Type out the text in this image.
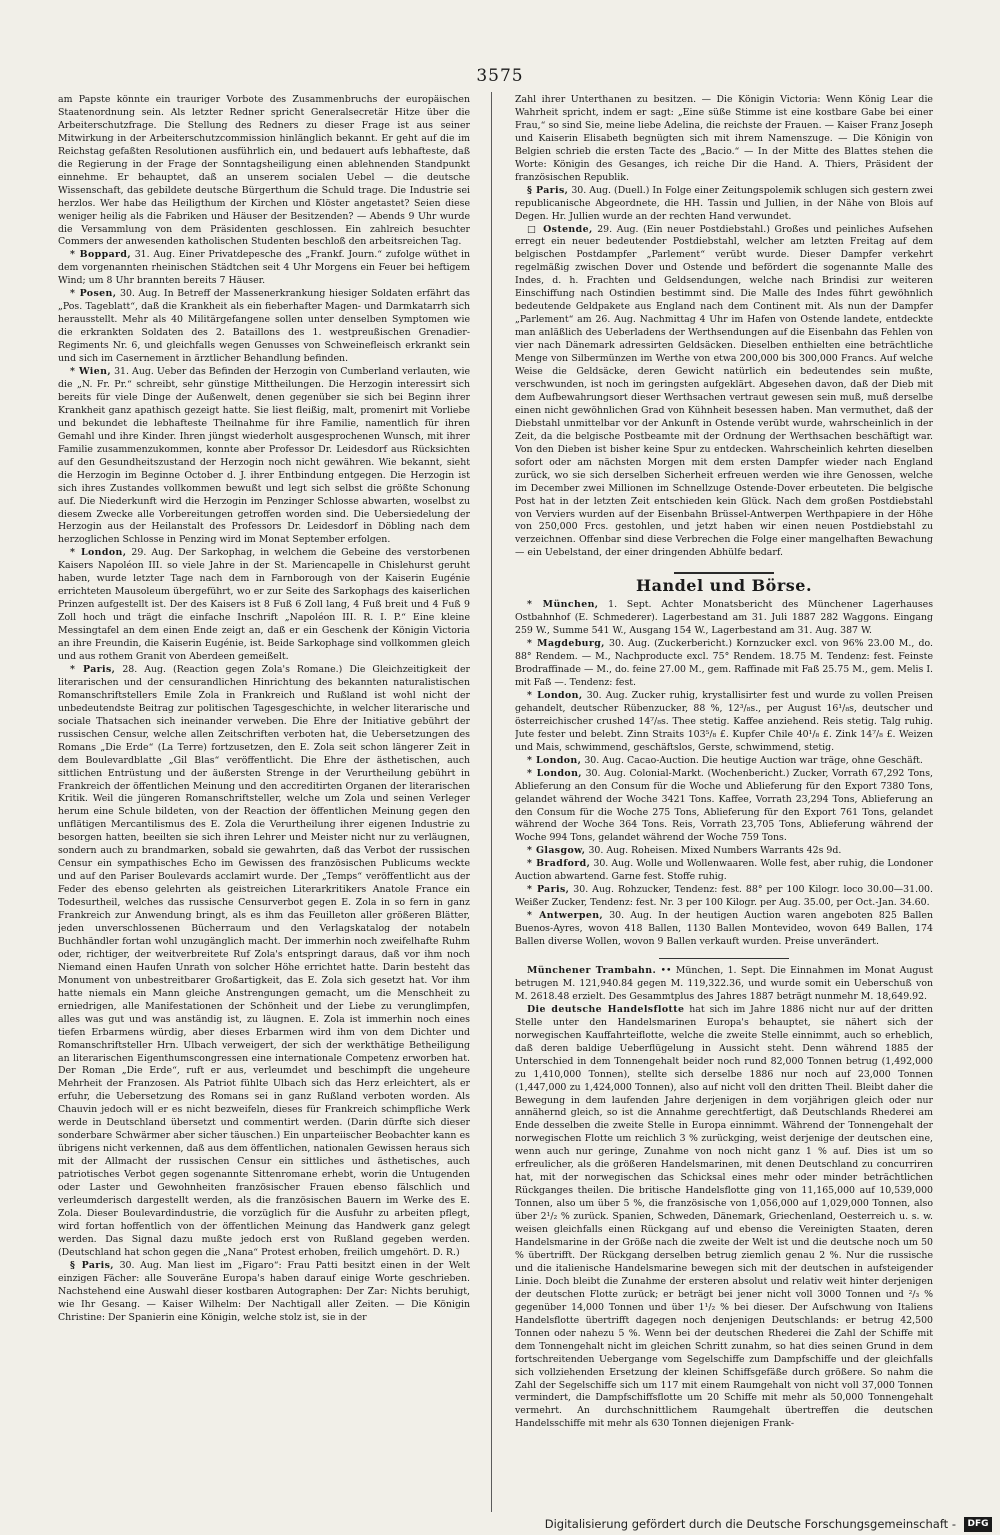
3575

am Papste könnte ein trauriger Vorbote des Zusammenbruchs der europäischen Staatenordnung sein. Als letzter Redner spricht Generalsecretär Hitze über die Arbeiterschutzfrage. Die Stellung des Redners zu dieser Frage ist aus seiner Mitwirkung in der Arbeiterschutzcommission hinlänglich bekannt. Er geht auf die im Reichstag gefaßten Resolutionen ausführlich ein, und bedauert aufs lebhafteste, daß die Regierung in der Frage der Sonntagsheiligung einen ablehnenden Standpunkt einnehme. Er behauptet, daß an unserem socialen Uebel — die deutsche Wissenschaft, das gebildete deutsche Bürgerthum die Schuld trage. Die Industrie sei herzlos. Wer habe das Heiligthum der Kirchen und Klöster angetastet? Seien diese weniger heilig als die Fabriken und Häuser der Besitzenden? — Abends 9 Uhr wurde die Versammlung von dem Präsidenten geschlossen. Ein zahlreich besuchter Commers der anwesenden katholischen Studenten beschloß den arbeitsreichen Tag.

* Boppard, 31. Aug. Einer Privatdepesche des „Frankf. Journ.“ zufolge wüthet in dem vorgenannten rheinischen Städtchen seit 4 Uhr Morgens ein Feuer bei heftigem Wind; um 8 Uhr brannten bereits 7 Häuser.

* Posen, 30. Aug. In Betreff der Massenerkrankung hiesiger Soldaten erfährt das „Pos. Tageblatt“, daß die Krankheit als ein fieberhafter Magen- und Darmkatarrh sich herausstellt. Mehr als 40 Militärgefangene sollen unter denselben Symptomen wie die erkrankten Soldaten des 2. Bataillons des 1. westpreußischen Grenadier-Regiments Nr. 6, und gleichfalls wegen Genusses von Schweinefleisch erkrankt sein und sich im Casernement in ärztlicher Behandlung befinden.

* Wien, 31. Aug. Ueber das Befinden der Herzogin von Cumberland verlauten, wie die „N. Fr. Pr.“ schreibt, sehr günstige Mittheilungen. Die Herzogin interessirt sich bereits für viele Dinge der Außenwelt, denen gegenüber sie sich bei Beginn ihrer Krankheit ganz apathisch gezeigt hatte. Sie liest fleißig, malt, promenirt mit Vorliebe und bekundet die lebhafteste Theilnahme für ihre Familie, namentlich für ihren Gemahl und ihre Kinder. Ihren jüngst wiederholt ausgesprochenen Wunsch, mit ihrer Familie zusammenzukommen, konnte aber Professor Dr. Leidesdorf aus Rücksichten auf den Gesundheitszustand der Herzogin noch nicht gewähren. Wie bekannt, sieht die Herzogin im Beginne October d. J. ihrer Entbindung entgegen. Die Herzogin ist sich ihres Zustandes vollkommen bewußt und legt sich selbst die größte Schonung auf. Die Niederkunft wird die Herzogin im Penzinger Schlosse abwarten, woselbst zu diesem Zwecke alle Vorbereitungen getroffen worden sind. Die Uebersiedelung der Herzogin aus der Heilanstalt des Professors Dr. Leidesdorf in Döbling nach dem herzoglichen Schlosse in Penzing wird im Monat September erfolgen.

* London, 29. Aug. Der Sarkophag, in welchem die Gebeine des verstorbenen Kaisers Napoléon III. so viele Jahre in der St. Mariencapelle in Chislehurst geruht haben, wurde letzter Tage nach dem in Farnborough von der Kaiserin Eugénie errichteten Mausoleum übergeführt, wo er zur Seite des Sarkophags des kaiserlichen Prinzen aufgestellt ist. Der des Kaisers ist 8 Fuß 6 Zoll lang, 4 Fuß breit und 4 Fuß 9 Zoll hoch und trägt die einfache Inschrift „Napoléon III. R. I. P.“ Eine kleine Messingtafel an dem einen Ende zeigt an, daß er ein Geschenk der Königin Victoria an ihre Freundin, die Kaiserin Eugénie, ist. Beide Sarkophage sind vollkommen gleich und aus rothem Granit von Aberdeen gemeißelt.

* Paris, 28. Aug. (Reaction gegen Zola's Romane.) Die Gleichzeitigkeit der literarischen und der censurandlichen Hinrichtung des bekannten naturalistischen Romanschriftstellers Emile Zola in Frankreich und Rußland ist wohl nicht der unbedeutendste Beitrag zur politischen Tagesgeschichte, in welcher literarische und sociale Thatsachen sich ineinander verweben. Die Ehre der Initiative gebührt der russischen Censur, welche allen Zeitschriften verboten hat, die Uebersetzungen des Romans „Die Erde“ (La Terre) fortzusetzen, den E. Zola seit schon längerer Zeit in dem Boulevardblatte „Gil Blas“ veröffentlicht. Die Ehre der ästhetischen, auch sittlichen Entrüstung und der äußersten Strenge in der Verurtheilung gebührt in Frankreich der öffentlichen Meinung und den accreditirten Organen der literarischen Kritik. Weil die jüngeren Romanschriftsteller, welche um Zola und seinen Verleger herum eine Schule bildeten, von der Reaction der öffentlichen Meinung gegen den unflätigen Mercantilismus des E. Zola die Verurtheilung ihrer eigenen Industrie zu besorgen hatten, beeilten sie sich ihren Lehrer und Meister nicht nur zu verläugnen, sondern auch zu brandmarken, sobald sie gewahrten, daß das Verbot der russischen Censur ein sympathisches Echo im Gewissen des französischen Publicums weckte und auf den Pariser Boulevards acclamirt wurde. Der „Temps“ veröffentlicht aus der Feder des ebenso gelehrten als geistreichen Literarkritikers Anatole France ein Todesurtheil, welches das russische Censurverbot gegen E. Zola in so fern in ganz Frankreich zur Anwendung bringt, als es ihm das Feuilleton aller größeren Blätter, jeden unverschlossenen Bücherraum und den Verlagskatalog der notabeln Buchhändler fortan wohl unzugänglich macht. Der immerhin noch zweifelhafte Ruhm oder, richtiger, der weitverbreitete Ruf Zola's entspringt daraus, daß vor ihm noch Niemand einen Haufen Unrath von solcher Höhe errichtet hatte. Darin besteht das Monument von unbestreitbarer Großartigkeit, das E. Zola sich gesetzt hat. Vor ihm hatte niemals ein Mann gleiche Anstrengungen gemacht, um die Menschheit zu erniedrigen, alle Manifestationen der Schönheit und der Liebe zu verunglimpfen, alles was gut und was anständig ist, zu läugnen. E. Zola ist immerhin noch eines tiefen Erbarmens würdig, aber dieses Erbarmen wird ihm von dem Dichter und Romanschriftsteller Hrn. Ulbach verweigert, der sich der werkthätige Betheiligung an literarischen Eigenthumscongressen eine internationale Competenz erworben hat. Der Roman „Die Erde“, ruft er aus, verleumdet und beschimpft die ungeheure Mehrheit der Franzosen. Als Patriot fühlte Ulbach sich das Herz erleichtert, als er erfuhr, die Uebersetzung des Romans sei in ganz Rußland verboten worden. Als Chauvin jedoch will er es nicht bezweifeln, dieses für Frankreich schimpfliche Werk werde in Deutschland übersetzt und commentirt werden. (Darin dürfte sich dieser sonderbare Schwärmer aber sicher täuschen.) Ein unparteiischer Beobachter kann es übrigens nicht verkennen, daß aus dem öffentlichen, nationalen Gewissen heraus sich mit der Allmacht der russischen Censur ein sittliches und ästhetisches, auch patriotisches Verbot gegen sogenannte Sittenromane erhebt, worin die Untugenden oder Laster und Gewohnheiten französischer Frauen ebenso fälschlich und verleumderisch dargestellt werden, als die französischen Bauern im Werke des E. Zola. Dieser Boulevardindustrie, die vorzüglich für die Ausfuhr zu arbeiten pflegt, wird fortan hoffentlich von der öffentlichen Meinung das Handwerk ganz gelegt werden. Das Signal dazu mußte jedoch erst von Rußland gegeben werden. (Deutschland hat schon gegen die „Nana“ Protest erhoben, freilich umgehört. D. R.)

§ Paris, 30. Aug. Man liest im „Figaro“: Frau Patti besitzt einen in der Welt einzigen Fächer: alle Souveräne Europa's haben darauf einige Worte geschrieben. Nachstehend eine Auswahl dieser kostbaren Autographen: Der Zar: Nichts beruhigt, wie Ihr Gesang. — Kaiser Wilhelm: Der Nachtigall aller Zeiten. — Die Königin Christine: Der Spanierin eine Königin, welche stolz ist, sie in der

Zahl ihrer Unterthanen zu besitzen. — Die Königin Victoria: Wenn König Lear die Wahrheit spricht, indem er sagt: „Eine süße Stimme ist eine kostbare Gabe bei einer Frau,“ so sind Sie, meine liebe Adelina, die reichste der Frauen. — Kaiser Franz Joseph und Kaiserin Elisabeth begnügten sich mit ihrem Namenszuge. — Die Königin von Belgien schrieb die ersten Tacte des „Bacio.“ — In der Mitte des Blattes stehen die Worte: Königin des Gesanges, ich reiche Dir die Hand. A. Thiers, Präsident der französischen Republik.

§ Paris, 30. Aug. (Duell.) In Folge einer Zeitungspolemik schlugen sich gestern zwei republicanische Abgeordnete, die HH. Tassin und Jullien, in der Nähe von Blois auf Degen. Hr. Jullien wurde an der rechten Hand verwundet.

□ Ostende, 29. Aug. (Ein neuer Postdiebstahl.) Großes und peinliches Aufsehen erregt ein neuer bedeutender Postdiebstahl, welcher am letzten Freitag auf dem belgischen Postdampfer „Parlement“ verübt wurde. Dieser Dampfer verkehrt regelmäßig zwischen Dover und Ostende und befördert die sogenannte Malle des Indes, d. h. Frachten und Geldsendungen, welche nach Brindisi zur weiteren Einschiffung nach Ostindien bestimmt sind. Die Malle des Indes führt gewöhnlich bedeutende Geldpakete aus England nach dem Continent mit. Als nun der Dampfer „Parlement“ am 26. Aug. Nachmittag 4 Uhr im Hafen von Ostende landete, entdeckte man anläßlich des Ueberladens der Werthsendungen auf die Eisenbahn das Fehlen von vier nach Dänemark adressirten Geldsäcken. Dieselben enthielten eine beträchtliche Menge von Silbermünzen im Werthe von etwa 200,000 bis 300,000 Francs. Auf welche Weise die Geldsäcke, deren Gewicht natürlich ein bedeutendes sein mußte, verschwunden, ist noch im geringsten aufgeklärt. Abgesehen davon, daß der Dieb mit dem Aufbewahrungsort dieser Werthsachen vertraut gewesen sein muß, muß derselbe einen nicht gewöhnlichen Grad von Kühnheit besessen haben. Man vermuthet, daß der Diebstahl unmittelbar vor der Ankunft in Ostende verübt wurde, wahrscheinlich in der Zeit, da die belgische Postbeamte mit der Ordnung der Werthsachen beschäftigt war. Von den Dieben ist bisher keine Spur zu entdecken. Wahrscheinlich kehrten dieselben sofort oder am nächsten Morgen mit dem ersten Dampfer wieder nach England zurück, wo sie sich derselben Sicherheit erfreuen werden wie ihre Genossen, welche im December zwei Millionen im Schnellzuge Ostende-Dover erbeuteten. Die belgische Post hat in der letzten Zeit entschieden kein Glück. Nach dem großen Postdiebstahl von Verviers wurden auf der Eisenbahn Brüssel-Antwerpen Werthpapiere in der Höhe von 250,000 Frcs. gestohlen, und jetzt haben wir einen neuen Postdiebstahl zu verzeichnen. Offenbar sind diese Verbrechen die Folge einer mangelhaften Bewachung — ein Uebelstand, der einer dringenden Abhülfe bedarf.

Handel und Börse.

* München, 1. Sept. Achter Monatsbericht des Münchener Lagerhauses Ostbahnhof (E. Schmederer). Lagerbestand am 31. Juli 1887 282 Waggons. Eingang 259 W., Summe 541 W., Ausgang 154 W., Lagerbestand am 31. Aug. 387 W.

* Magdeburg, 30. Aug. (Zuckerbericht.) Kornzucker excl. von 96% 23.00 M., do. 88° Rendem. — M., Nachproducte excl. 75° Rendem. 18.75 M. Tendenz: fest. Feinste Brodraffinade — M., do. feine 27.00 M., gem. Raffinade mit Faß 25.75 M., gem. Melis I. mit Faß —. Tendenz: fest.

* London, 30. Aug. Zucker ruhig, krystallisirter fest und wurde zu vollen Preisen gehandelt, deutscher Rübenzucker, 88 %, 12³/₈s., per August 16¹/₈s, deutscher und österreichischer crushed 14⁷/₈s. Thee stetig. Kaffee anziehend. Reis stetig. Talg ruhig. Jute fester und belebt. Zinn Straits 103⁵/₈ £. Kupfer Chile 40¹/₈ £. Zink 14⁷/₈ £. Weizen und Mais, schwimmend, geschäftslos, Gerste, schwimmend, stetig.

* London, 30. Aug. Cacao-Auction. Die heutige Auction war träge, ohne Geschäft.

* London, 30. Aug. Colonial-Markt. (Wochenbericht.) Zucker, Vorrath 67,292 Tons, Ablieferung an den Consum für die Woche und Ablieferung für den Export 7380 Tons, gelandet während der Woche 3421 Tons. Kaffee, Vorrath 23,294 Tons, Ablieferung an den Consum für die Woche 275 Tons, Ablieferung für den Export 761 Tons, gelandet während der Woche 364 Tons. Reis, Vorrath 23,705 Tons, Ablieferung während der Woche 994 Tons, gelandet während der Woche 759 Tons.

* Glasgow, 30. Aug. Roheisen. Mixed Numbers Warrants 42s 9d.

* Bradford, 30. Aug. Wolle und Wollenwaaren. Wolle fest, aber ruhig, die Londoner Auction abwartend. Garne fest. Stoffe ruhig.

* Paris, 30. Aug. Rohzucker, Tendenz: fest. 88° per 100 Kilogr. loco 30.00—31.00. Weißer Zucker, Tendenz: fest. Nr. 3 per 100 Kilogr. per Aug. 35.00, per Oct.-Jan. 34.60.

* Antwerpen, 30. Aug. In der heutigen Auction waren angeboten 825 Ballen Buenos-Ayres, wovon 418 Ballen, 1130 Ballen Montevideo, wovon 649 Ballen, 174 Ballen diverse Wollen, wovon 9 Ballen verkauft wurden. Preise unverändert.

Münchener Trambahn. •• München, 1. Sept. Die Einnahmen im Monat August betrugen M. 121,940.84 gegen M. 119,322.36, und wurde somit ein Ueberschuß von M. 2618.48 erzielt. Des Gesammtplus des Jahres 1887 beträgt nunmehr M. 18,649.92.

Die deutsche Handelsflotte hat sich im Jahre 1886 nicht nur auf der dritten Stelle unter den Handelsmarinen Europa's behauptet, sie nähert sich der norwegischen Kauffahrteiflotte, welche die zweite Stelle einnimmt, auch so erheblich, daß deren baldige Ueberflügelung in Aussicht steht. Denn während 1885 der Unterschied in dem Tonnengehalt beider noch rund 82,000 Tonnen betrug (1,492,000 zu 1,410,000 Tonnen), stellte sich derselbe 1886 nur noch auf 23,000 Tonnen (1,447,000 zu 1,424,000 Tonnen), also auf nicht voll den dritten Theil. Bleibt daher die Bewegung in dem laufenden Jahre derjenigen in dem vorjährigen gleich oder nur annähernd gleich, so ist die Annahme gerechtfertigt, daß Deutschlands Rhederei am Ende desselben die zweite Stelle in Europa einnimmt. Während der Tonnengehalt der norwegischen Flotte um reichlich 3 % zurückging, weist derjenige der deutschen eine, wenn auch nur geringe, Zunahme von noch nicht ganz 1 % auf. Dies ist um so erfreulicher, als die größeren Handelsmarinen, mit denen Deutschland zu concurriren hat, mit der norwegischen das Schicksal eines mehr oder minder beträchtlichen Rückganges theilen. Die britische Handelsflotte ging von 11,165,000 auf 10,539,000 Tonnen, also um über 5 %, die französische von 1,056,000 auf 1,029,000 Tonnen, also über 2¹/₂ % zurück. Spanien, Schweden, Dänemark, Griechenland, Oesterreich u. s. w. weisen gleichfalls einen Rückgang auf und ebenso die Vereinigten Staaten, deren Handelsmarine in der Größe nach die zweite der Welt ist und die deutsche noch um 50 % übertrifft. Der Rückgang derselben betrug ziemlich genau 2 %. Nur die russische und die italienische Handelsmarine bewegen sich mit der deutschen in aufsteigender Linie. Doch bleibt die Zunahme der ersteren absolut und relativ weit hinter derjenigen der deutschen Flotte zurück; er beträgt bei jener nicht voll 3000 Tonnen und ²/₃ % gegenüber 14,000 Tonnen und über 1¹/₂ % bei dieser. Der Aufschwung von Italiens Handelsflotte übertrifft dagegen noch denjenigen Deutschlands: er betrug 42,500 Tonnen oder nahezu 5 %. Wenn bei der deutschen Rhederei die Zahl der Schiffe mit dem Tonnengehalt nicht im gleichen Schritt zunahm, so hat dies seinen Grund in dem fortschreitenden Uebergange vom Segelschiffe zum Dampfschiffe und der gleichfalls sich vollziehenden Ersetzung der kleinen Schiffsgefäße durch größere. So nahm die Zahl der Segelschiffe sich um 117 mit einem Raumgehalt von nicht voll 37,000 Tonnen vermindert, die Dampfschiffsflotte um 20 Schiffe mit mehr als 50,000 Tonnengehalt vermehrt. An durchschnittlichem Raumgehalt übertreffen die deutschen Handelsschiffe mit mehr als 630 Tonnen diejenigen Frank-

Digitalisierung gefördert durch die Deutsche Forschungsgemeinschaft -	DFG
